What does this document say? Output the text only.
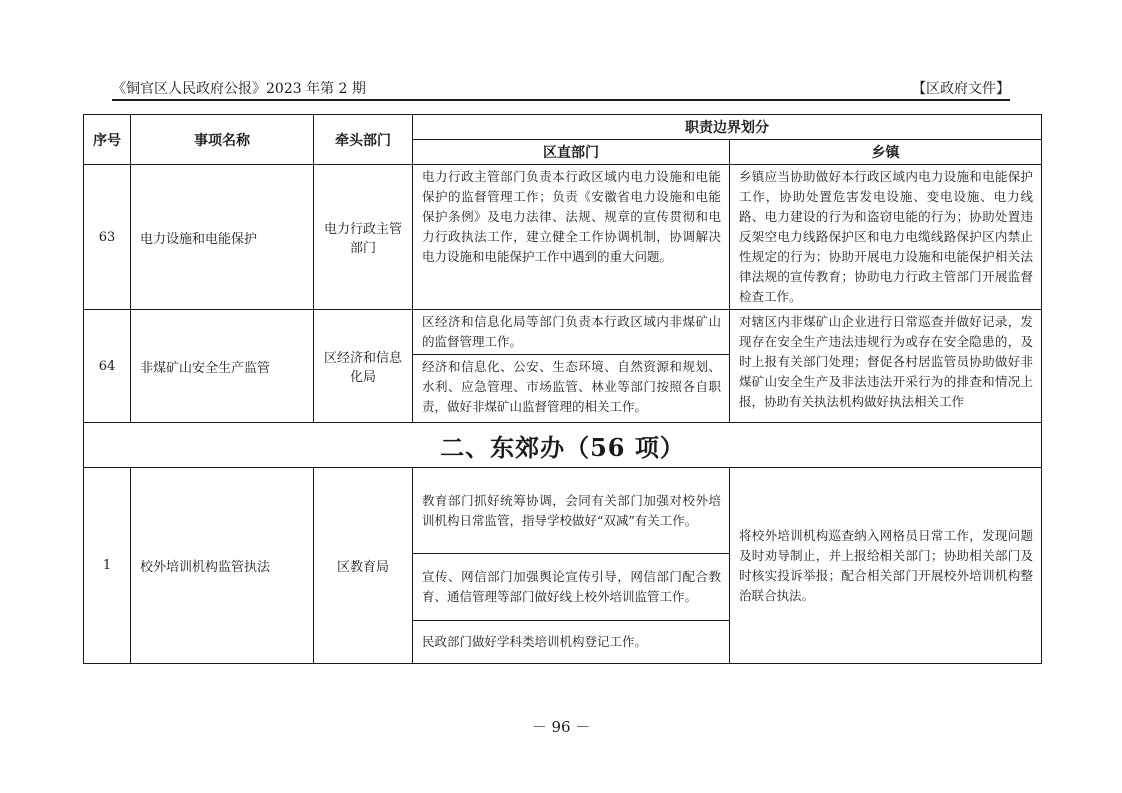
《铜官区人民政府公报》2023 年第 2 期	【区政府文件】
序号	事项名称	牵头部门	职责边界划分	
			区直部门	乡镇
63	电力设施和电能保护	电力行政主管部门	电力行政主管部门负责本行政区域内电力设施和电能保护的监督管理工作；负责《安徽省电力设施和电能保护条例》及电力法律、法规、规章的宣传贯彻和电力行政执法工作，建立健全工作协调机制，协调解决电力设施和电能保护工作中遇到的重大问题。	乡镇应当协助做好本行政区域内电力设施和电能保护工作，协助处置危害发电设施、变电设施、电力线路、电力建设的行为和盗窃电能的行为；协助处置违反架空电力线路保护区和电力电缆线路保护区内禁止性规定的行为；协助开展电力设施和电能保护相关法律法规的宣传教育；协助电力行政主管部门开展监督检查工作。
64	非煤矿山安全生产监管	区经济和信息化局	区经济和信息化局等部门负责本行政区域内非煤矿山的监督管理工作。	对辖区内非煤矿山企业进行日常巡查并做好记录，发现存在安全生产违法违规行为或存在安全隐患的，及时上报有关部门处理；督促各村居监管员协助做好非煤矿山安全生产及非法违法开采行为的排查和情况上报，协助有关执法机构做好执法相关工作
			经济和信息化、公安、生态环境、自然资源和规划、水利、应急管理、市场监管、林业等部门按照各自职责，做好非煤矿山监督管理的相关工作。	
二、东郊办（56 项）				
1	校外培训机构监管执法	区教育局	教育部门抓好统筹协调，会同有关部门加强对校外培训机构日常监管，指导学校做好“双减”有关工作。	将校外培训机构巡查纳入网格员日常工作，发现问题及时劝导制止，并上报给相关部门；协助相关部门及时核实投诉举报；配合相关部门开展校外培训机构整治联合执法。
			宣传、网信部门加强舆论宣传引导，网信部门配合教育、通信管理等部门做好线上校外培训监管工作。	
			民政部门做好学科类培训机构登记工作。	
－ 96 －
